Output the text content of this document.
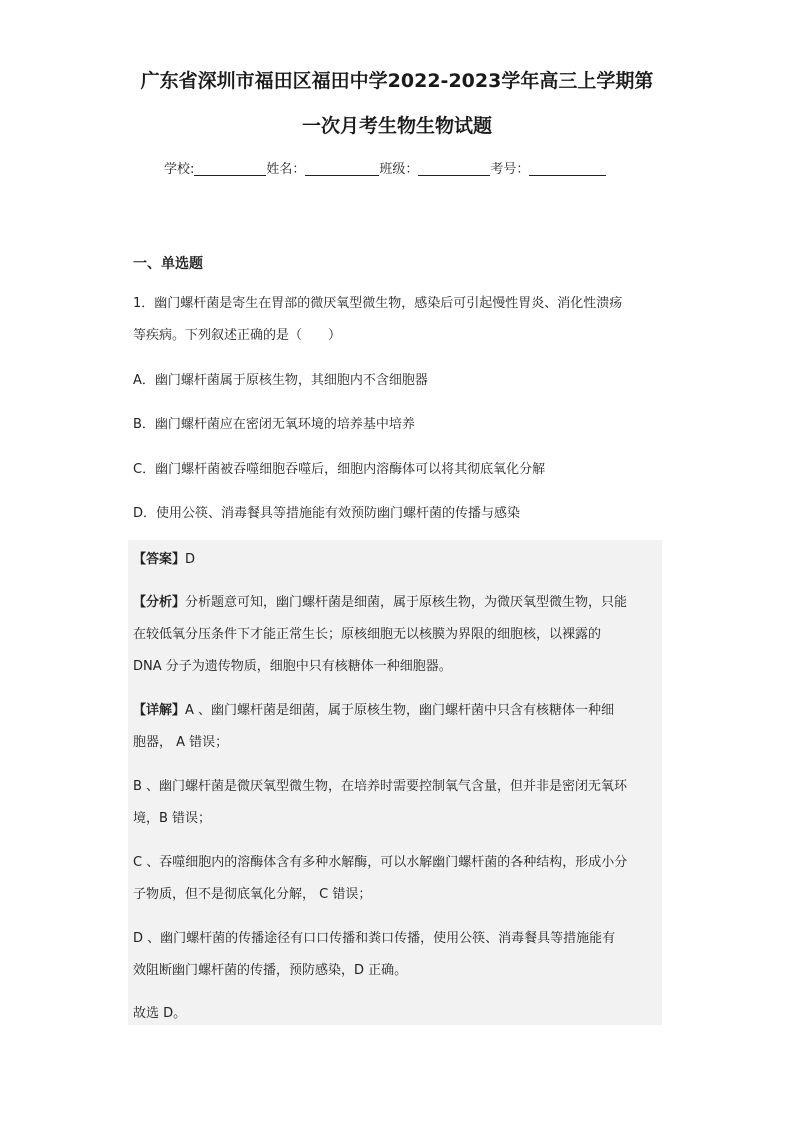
广东省深圳市福田区福田中学2022-2023学年高三上学期第
一次月考生物生物试题
学校:	姓名：	班级：	考号：
一、单选题
1．幽门螺杆菌是寄生在胃部的微厌氧型微生物，感染后可引起慢性胃炎、消化性溃疡
等疾病。下列叙述正确的是（　　）
A．幽门螺杆菌属于原核生物，其细胞内不含细胞器
B．幽门螺杆菌应在密闭无氧环境的培养基中培养
C．幽门螺杆菌被吞噬细胞吞噬后，细胞内溶酶体可以将其彻底氧化分解
D．使用公筷、消毒餐具等措施能有效预防幽门螺杆菌的传播与感染
【答案】D
【分析】分析题意可知，幽门螺杆菌是细菌，属于原核生物，为微厌氧型微生物，只能
在较低氧分压条件下才能正常生长；原核细胞无以核膜为界限的细胞核，以裸露的
DNA 分子为遗传物质，细胞中只有核糖体一种细胞器。
【详解】A 、幽门螺杆菌是细菌，属于原核生物，幽门螺杆菌中只含有核糖体一种细
胞器， A 错误；
B 、幽门螺杆菌是微厌氧型微生物，在培养时需要控制氧气含量，但并非是密闭无氧环
境，B 错误；
C 、吞噬细胞内的溶酶体含有多种水解酶，可以水解幽门螺杆菌的各种结构，形成小分
子物质，但不是彻底氧化分解， C 错误；
D 、幽门螺杆菌的传播途径有口口传播和粪口传播，使用公筷、消毒餐具等措施能有
效阻断幽门螺杆菌的传播，预防感染，D 正确。
故选 D。
